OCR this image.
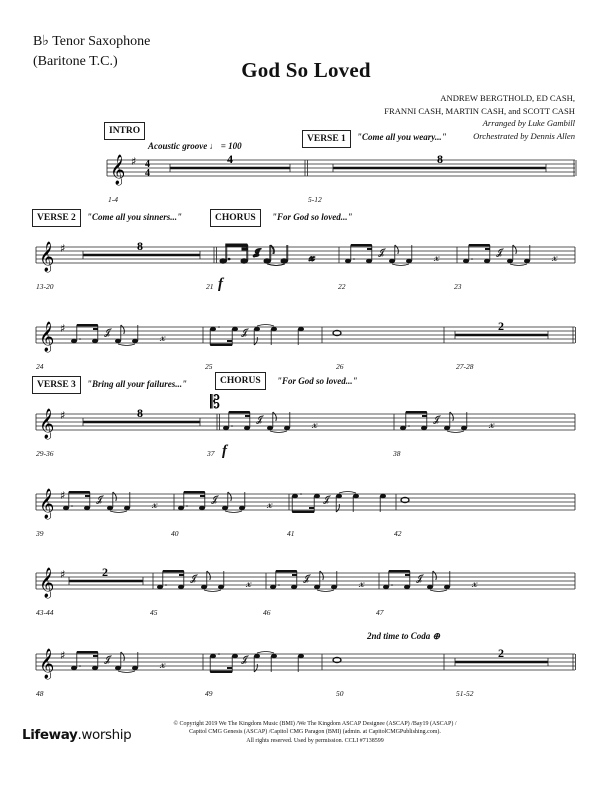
B♭ Tenor Saxophone
(Baritone T.C.)	God So Loved
ANDREW BERGTHOLD, ED CASH,
FRANNI CASH, MARTIN CASH, and SCOTT CASH
Arranged by Luke Gambill
Orchestrated by Dennis Allen
INTRO
Acoustic groove ♩ = 100
VERSE 1	"Come all you weary..."
𝄞 ♯ 4
4
4	8
1-4	5-12
VERSE 2	"Come all you sinners..."	CHORUS	"For God so loved..."
𝄞 ♯	8
13-20	21 f	22	23
𝄞 ♯	2
24	25	26	27-28
VERSE 3	"Bring all your failures..."	CHORUS	"For God so loved..."
𝄞 ♯	8	𝄡
29-36	37 f	38
𝄞 ♯
39	40	41	42
𝄞 ♯	2
43-44	45	46	47
2nd time to Coda ⊕
𝄞 ♯	2
48	49	50	51-52
Lifeway.worship
© Copyright 2019 We The Kingdom Music (BMI) /We The Kingdom ASCAP Designee (ASCAP) /Bay19 (ASCAP) /
Capitol CMG Genesis (ASCAP) /Capitol CMG Paragon (BMI) (admin. at CapitolCMGPublishing.com).
All rights reserved. Used by permission. CCLI #7138599
